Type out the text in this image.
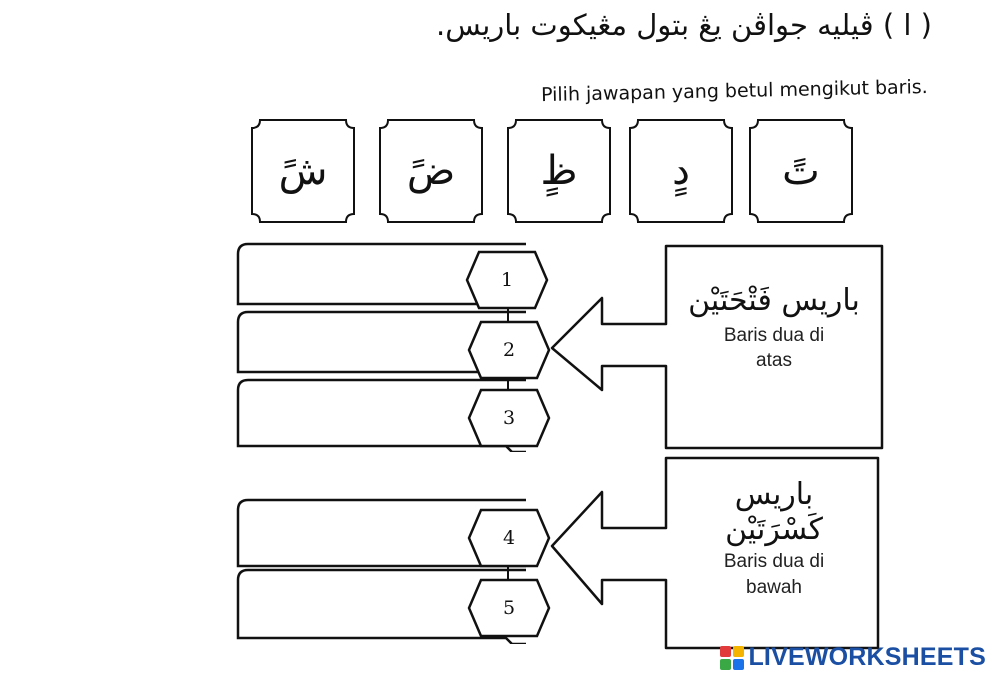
( ا ) ڤيليه جواڤن يڠ بتول مڠيكوت باريس.
Pilih jawapan yang betul mengikut baris.
شً	ضً	ظٍ	دٍ	تً
1
2
3
4
5
باريس فَتْحَتَيْن
Baris dua di
atas
باريس
كَسْرَتَيْن
Baris dua di
bawah
LIVEWORKSHEETS
